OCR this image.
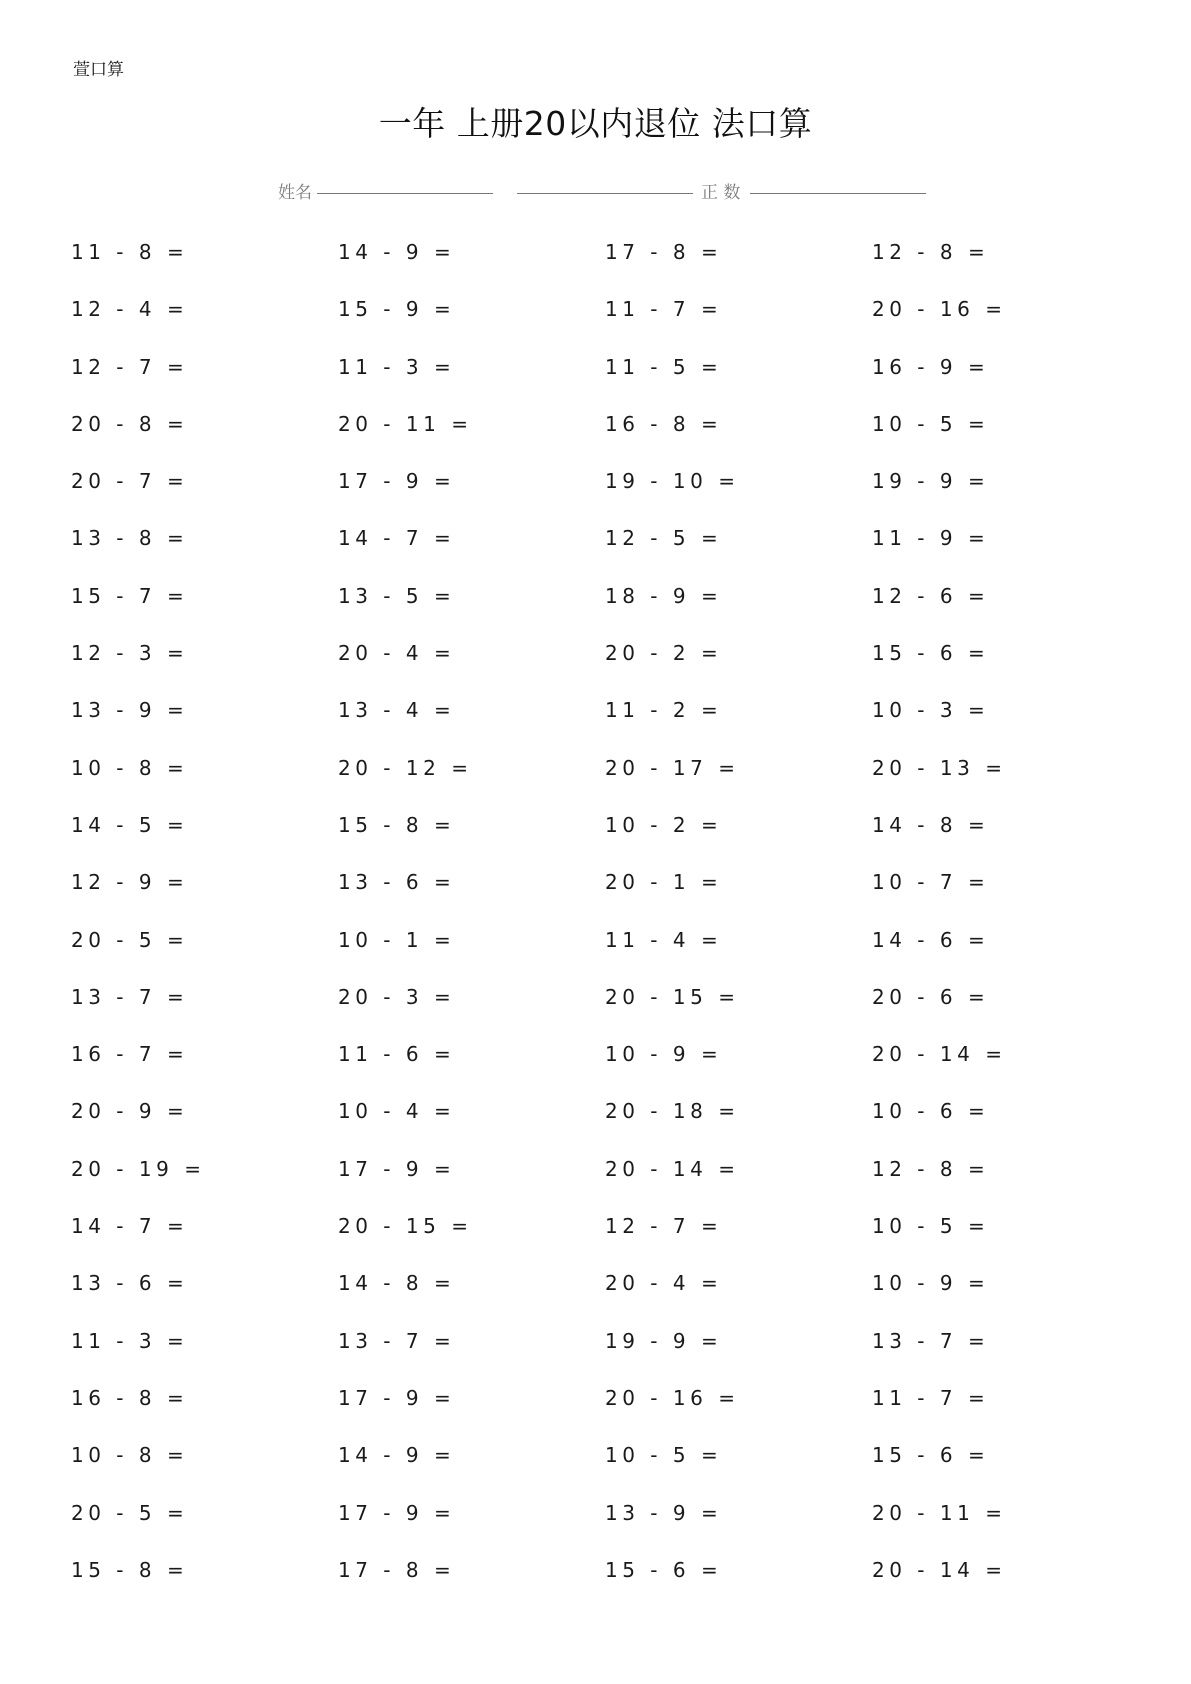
萱口算
一年 上册20以内退位 法口算
姓名	正 数
11 - 8 =	14 - 9 =	17 - 8 =	12 - 8 =
12 - 4 =	15 - 9 =	11 - 7 =	20 - 16 =
12 - 7 =	11 - 3 =	11 - 5 =	16 - 9 =
20 - 8 =	20 - 11 =	16 - 8 =	10 - 5 =
20 - 7 =	17 - 9 =	19 - 10 =	19 - 9 =
13 - 8 =	14 - 7 =	12 - 5 =	11 - 9 =
15 - 7 =	13 - 5 =	18 - 9 =	12 - 6 =
12 - 3 =	20 - 4 =	20 - 2 =	15 - 6 =
13 - 9 =	13 - 4 =	11 - 2 =	10 - 3 =
10 - 8 =	20 - 12 =	20 - 17 =	20 - 13 =
14 - 5 =	15 - 8 =	10 - 2 =	14 - 8 =
12 - 9 =	13 - 6 =	20 - 1 =	10 - 7 =
20 - 5 =	10 - 1 =	11 - 4 =	14 - 6 =
13 - 7 =	20 - 3 =	20 - 15 =	20 - 6 =
16 - 7 =	11 - 6 =	10 - 9 =	20 - 14 =
20 - 9 =	10 - 4 =	20 - 18 =	10 - 6 =
20 - 19 =	17 - 9 =	20 - 14 =	12 - 8 =
14 - 7 =	20 - 15 =	12 - 7 =	10 - 5 =
13 - 6 =	14 - 8 =	20 - 4 =	10 - 9 =
11 - 3 =	13 - 7 =	19 - 9 =	13 - 7 =
16 - 8 =	17 - 9 =	20 - 16 =	11 - 7 =
10 - 8 =	14 - 9 =	10 - 5 =	15 - 6 =
20 - 5 =	17 - 9 =	13 - 9 =	20 - 11 =
15 - 8 =	17 - 8 =	15 - 6 =	20 - 14 =
